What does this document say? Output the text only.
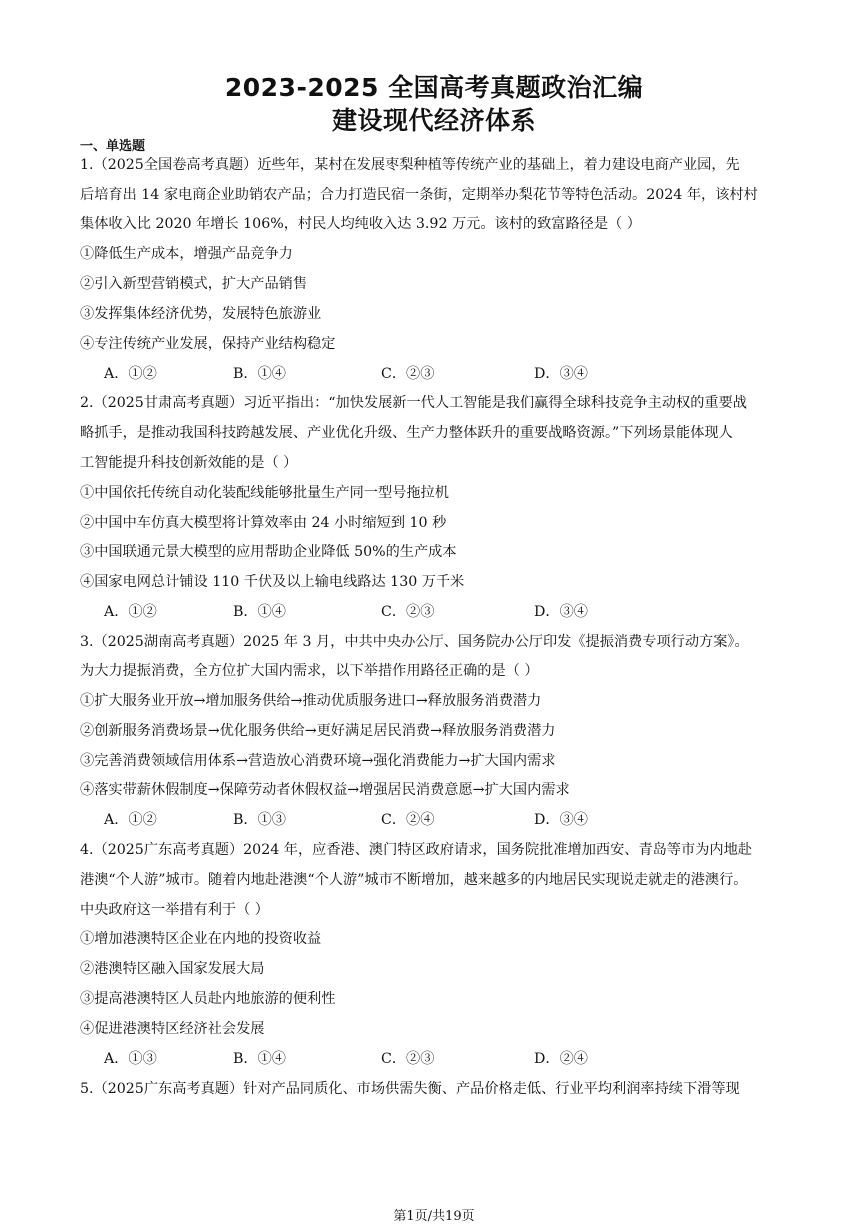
2023-2025 全国高考真题政治汇编
建设现代经济体系
一、单选题
1.（2025全国卷高考真题）近些年，某村在发展枣梨种植等传统产业的基础上，着力建设电商产业园，先
后培育出 14 家电商企业助销农产品；合力打造民宿一条街，定期举办梨花节等特色活动。2024 年，该村村
集体收入比 2020 年增长 106%，村民人均纯收入达 3.92 万元。该村的致富路径是（ ）
①降低生产成本，增强产品竞争力
②引入新型营销模式，扩大产品销售
③发挥集体经济优势，发展特色旅游业
④专注传统产业发展，保持产业结构稳定
A．①②	B．①④	C．②③	D．③④
2.（2025甘肃高考真题）习近平指出：“加快发展新一代人工智能是我们赢得全球科技竞争主动权的重要战
略抓手，是推动我国科技跨越发展、产业优化升级、生产力整体跃升的重要战略资源。”下列场景能体现人
工智能提升科技创新效能的是（ ）
①中国依托传统自动化装配线能够批量生产同一型号拖拉机
②中国中车仿真大模型将计算效率由 24 小时缩短到 10 秒
③中国联通元景大模型的应用帮助企业降低 50%的生产成本
④国家电网总计铺设 110 千伏及以上输电线路达 130 万千米
A．①②	B．①④	C．②③	D．③④
3.（2025湖南高考真题）2025 年 3 月，中共中央办公厅、国务院办公厅印发《提振消费专项行动方案》。
为大力提振消费，全方位扩大国内需求，以下举措作用路径正确的是（ ）
①扩大服务业开放→增加服务供给→推动优质服务进口→释放服务消费潜力
②创新服务消费场景→优化服务供给→更好满足居民消费→释放服务消费潜力
③完善消费领域信用体系→营造放心消费环境→强化消费能力→扩大国内需求
④落实带薪休假制度→保障劳动者休假权益→增强居民消费意愿→扩大国内需求
A．①②	B．①③	C．②④	D．③④
4.（2025广东高考真题）2024 年，应香港、澳门特区政府请求，国务院批准增加西安、青岛等市为内地赴
港澳“个人游”城市。随着内地赴港澳“个人游”城市不断增加，越来越多的内地居民实现说走就走的港澳行。
中央政府这一举措有利于（ ）
①增加港澳特区企业在内地的投资收益
②港澳特区融入国家发展大局
③提高港澳特区人员赴内地旅游的便利性
④促进港澳特区经济社会发展
A．①③	B．①④	C．②③	D．②④
5.（2025广东高考真题）针对产品同质化、市场供需失衡、产品价格走低、行业平均利润率持续下滑等现
第1页/共19页
